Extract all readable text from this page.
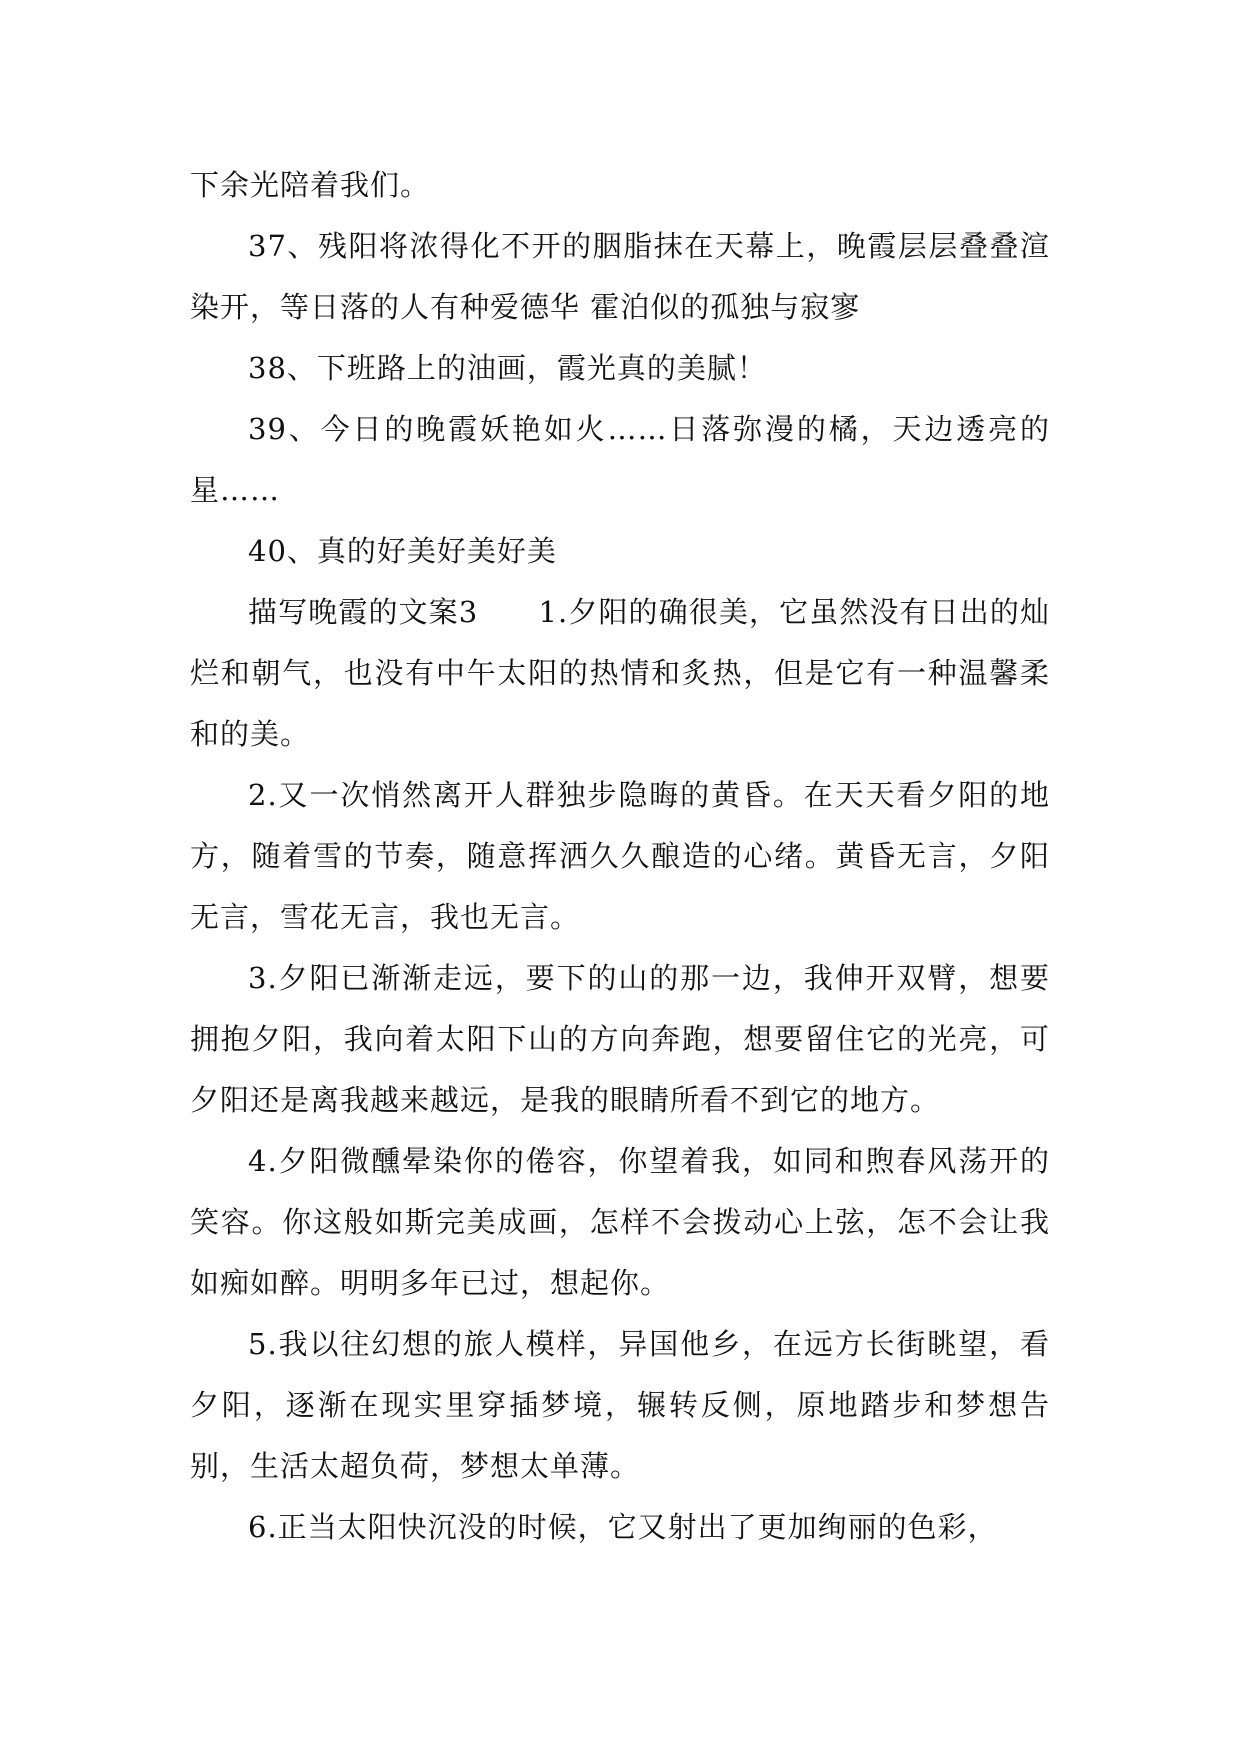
下余光陪着我们。

37、残阳将浓得化不开的胭脂抹在天幕上，晚霞层层叠叠渲染开，等日落的人有种爱德华 霍泊似的孤独与寂寥

38、下班路上的油画，霞光真的美腻！

39、今日的晚霞妖艳如火……日落弥漫的橘，天边透亮的星……

40、真的好美好美好美

描写晚霞的文案3　　1.夕阳的确很美，它虽然没有日出的灿烂和朝气，也没有中午太阳的热情和炙热，但是它有一种温馨柔和的美。

2.又一次悄然离开人群独步隐晦的黄昏。在天天看夕阳的地方，随着雪的节奏，随意挥洒久久酿造的心绪。黄昏无言，夕阳无言，雪花无言，我也无言。

3.夕阳已渐渐走远，要下的山的那一边，我伸开双臂，想要拥抱夕阳，我向着太阳下山的方向奔跑，想要留住它的光亮，可夕阳还是离我越来越远，是我的眼睛所看不到它的地方。

4.夕阳微醺晕染你的倦容，你望着我，如同和煦春风荡开的笑容。你这般如斯完美成画，怎样不会拨动心上弦，怎不会让我如痴如醉。明明多年已过，想起你。

5.我以往幻想的旅人模样，异国他乡，在远方长街眺望，看夕阳，逐渐在现实里穿插梦境，辗转反侧，原地踏步和梦想告别，生活太超负荷，梦想太单薄。

6.正当太阳快沉没的时候，它又射出了更加绚丽的色彩，
